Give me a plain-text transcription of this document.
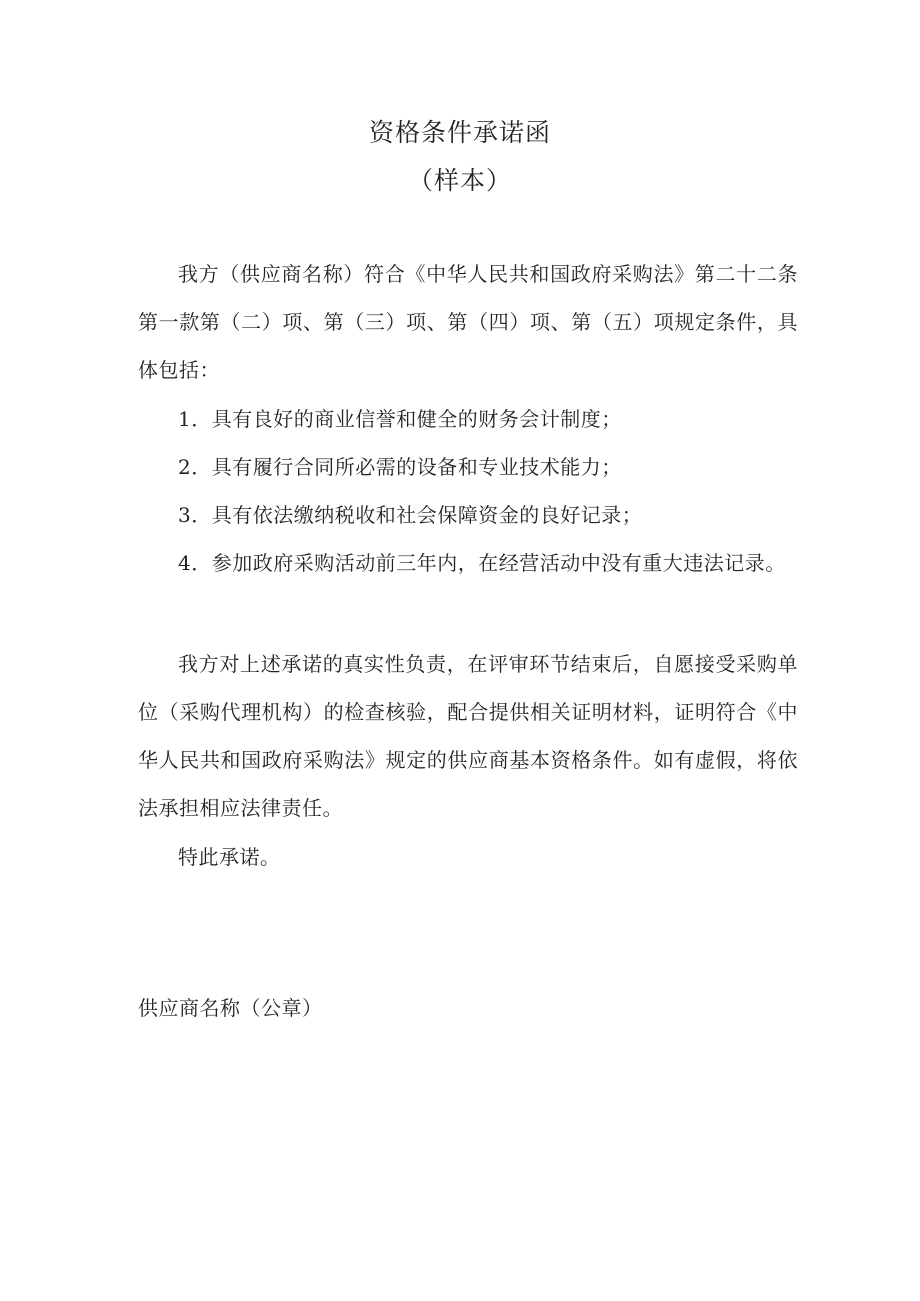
资格条件承诺函
（样本）

我方（供应商名称）符合《中华人民共和国政府采购法》第二十二条第一款第（二）项、第（三）项、第（四）项、第（五）项规定条件，具体包括：

1．具有良好的商业信誉和健全的财务会计制度；

2．具有履行合同所必需的设备和专业技术能力；

3．具有依法缴纳税收和社会保障资金的良好记录；

4．参加政府采购活动前三年内，在经营活动中没有重大违法记录。

我方对上述承诺的真实性负责，在评审环节结束后，自愿接受采购单位（采购代理机构）的检查核验，配合提供相关证明材料，证明符合《中华人民共和国政府采购法》规定的供应商基本资格条件。如有虚假，将依法承担相应法律责任。

特此承诺。

供应商名称（公章）
